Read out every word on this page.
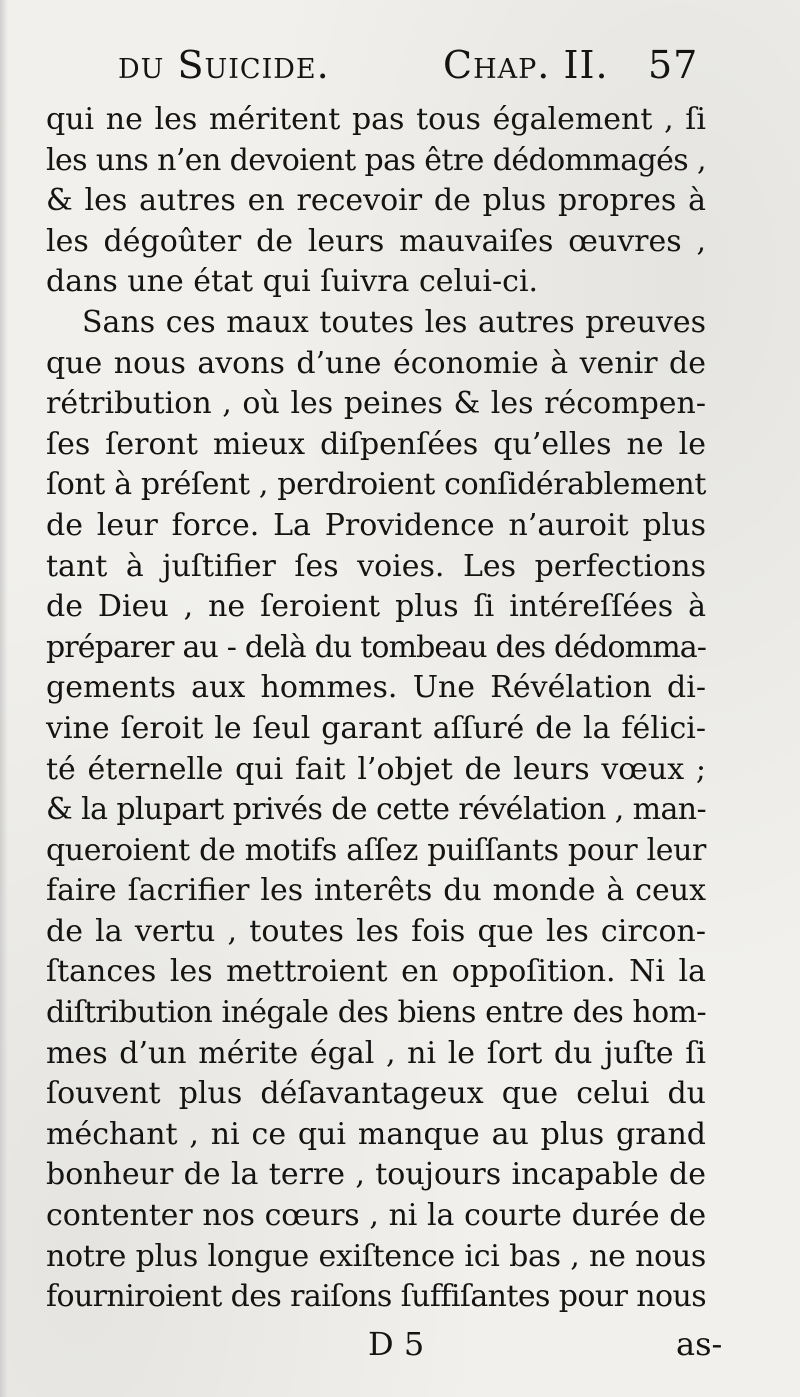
du Suicide.	Chap. II. 57
qui ne les méritent pas tous également , ſi
les uns n’en devoient pas être dédommagés ,
& les autres en recevoir de plus propres à
les dégoûter de leurs mauvaiſes œuvres ,
dans une état qui ſuivra celui-ci.
Sans ces maux toutes les autres preuves
que nous avons d’une économie à venir de
rétribution , où les peines & les récompen-
ſes ſeront mieux diſpenſées qu’elles ne le
ſont à préſent , perdroient conſidérablement
de leur force. La Providence n’auroit plus
tant à juſtifier ſes voies. Les perfections
de Dieu , ne ſeroient plus ſi intéreſſées à
préparer au - delà du tombeau des dédomma-
gements aux hommes. Une Révélation di-
vine ſeroit le ſeul garant aſſuré de la félici-
té éternelle qui fait l’objet de leurs vœux ;
& la plupart privés de cette révélation , man-
queroient de motifs aſſez puiſſants pour leur
faire ſacrifier les interêts du monde à ceux
de la vertu , toutes les fois que les circon-
ſtances les mettroient en oppoſition. Ni la
diſtribution inégale des biens entre des hom-
mes d’un mérite égal , ni le ſort du juſte ſi
ſouvent plus déſavantageux que celui du
méchant , ni ce qui manque au plus grand
bonheur de la terre , toujours incapable de
contenter nos cœurs , ni la courte durée de
notre plus longue exiſtence ici bas , ne nous
fourniroient des raiſons ſuffiſantes pour nous
D 5	as-
